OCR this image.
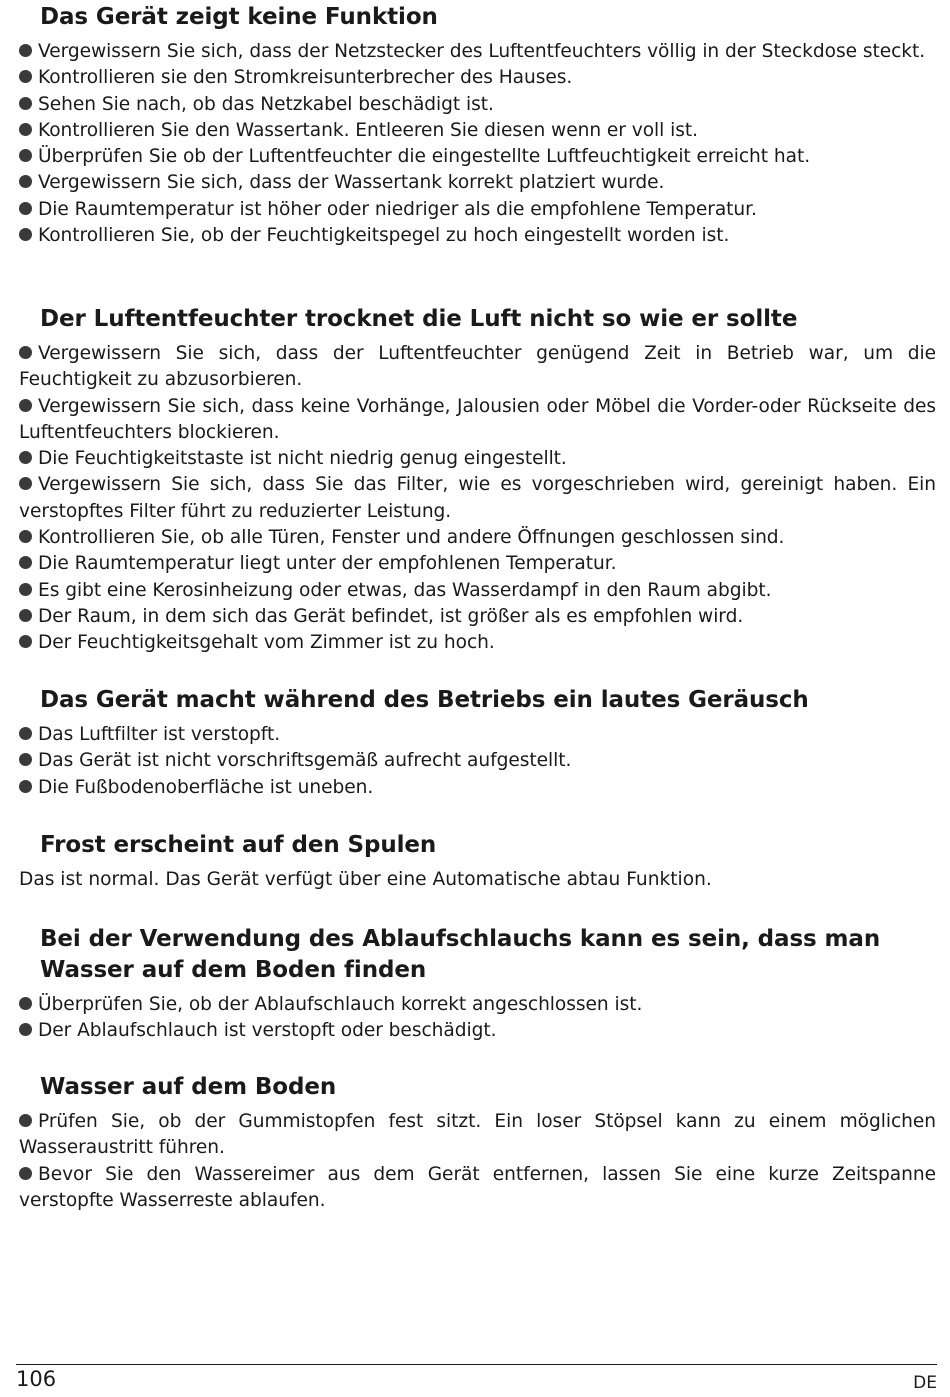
Das Gerät zeigt keine Funktion
Vergewissern Sie sich, dass der Netzstecker des Luftentfeuchters völlig in der Steckdose steckt.
Kontrollieren sie den Stromkreisunterbrecher des Hauses.
Sehen Sie nach, ob das Netzkabel beschädigt ist.
Kontrollieren Sie den Wassertank. Entleeren Sie diesen wenn er voll ist.
Überprüfen Sie ob der Luftentfeuchter die eingestellte Luftfeuchtigkeit erreicht hat.
Vergewissern Sie sich, dass der Wassertank korrekt platziert wurde.
Die Raumtemperatur ist höher oder niedriger als die empfohlene Temperatur.
Kontrollieren Sie, ob der Feuchtigkeitspegel zu hoch eingestellt worden ist.
Der Luftentfeuchter trocknet die Luft nicht so wie er sollte
Vergewissern Sie sich, dass der Luftentfeuchter genügend Zeit in Betrieb war, um die Feuchtigkeit zu abzusorbieren.
Vergewissern Sie sich, dass keine Vorhänge, Jalousien oder Möbel die Vorder-oder Rückseite des Luftentfeuchters blockieren.
Die Feuchtigkeitstaste ist nicht niedrig genug eingestellt.
Vergewissern Sie sich, dass Sie das Filter, wie es vorgeschrieben wird, gereinigt haben. Ein verstopftes Filter führt zu reduzierter Leistung.
Kontrollieren Sie, ob alle Türen, Fenster und andere Öffnungen geschlossen sind.
Die Raumtemperatur liegt unter der empfohlenen Temperatur.
Es gibt eine Kerosinheizung oder etwas, das Wasserdampf in den Raum abgibt.
Der Raum, in dem sich das Gerät befindet, ist größer als es empfohlen wird.
Der Feuchtigkeitsgehalt vom Zimmer ist zu hoch.
Das Gerät macht während des Betriebs ein lautes Geräusch
Das Luftfilter ist verstopft.
Das Gerät ist nicht vorschriftsgemäß aufrecht aufgestellt.
Die Fußbodenoberfläche ist uneben.
Frost erscheint auf den Spulen

Das ist normal. Das Gerät verfügt über eine Automatische abtau Funktion.

Bei der Verwendung des Ablaufschlauchs kann es sein, dass man
Wasser auf dem Boden finden
Überprüfen Sie, ob der Ablaufschlauch korrekt angeschlossen ist.
Der Ablaufschlauch ist verstopft oder beschädigt.
Wasser auf dem Boden
Prüfen Sie, ob der Gummistopfen fest sitzt. Ein loser Stöpsel kann zu einem möglichen Wasseraustritt führen.
Bevor Sie den Wassereimer aus dem Gerät entfernen, lassen Sie eine kurze Zeitspanne verstopfte Wasserreste ablaufen.
106	DE
